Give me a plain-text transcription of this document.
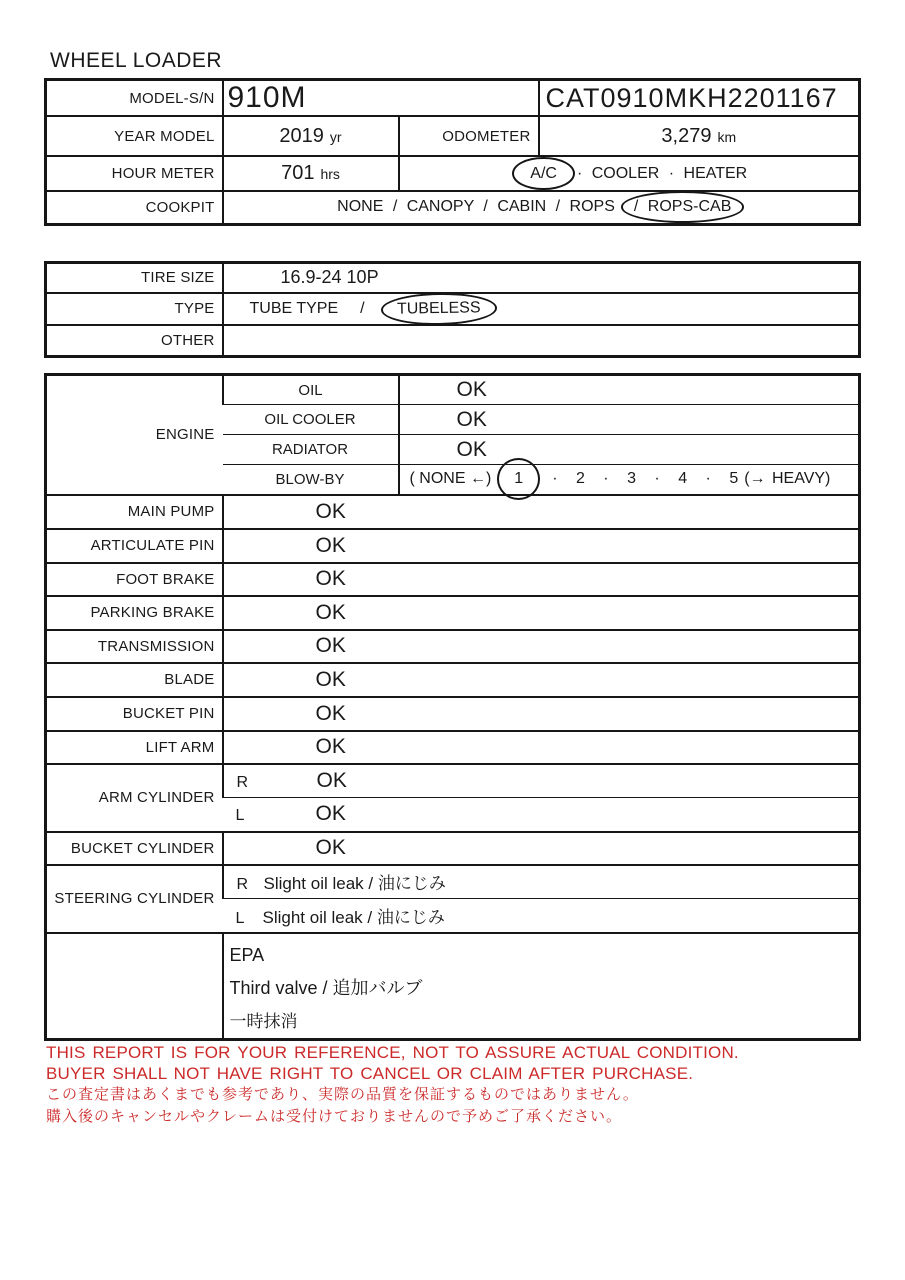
WHEEL LOADER
MODEL-S/N	910M		CAT0910MKH2201167
YEAR MODEL	2019 yr	ODOMETER	3,279 km
HOUR METER	701 hrs	A/C · COOLER · HEATER	
COOKPIT	NONE / CANOPY / CABIN / ROPS / ROPS-CAB		
TIRE SIZE	16.9-24 10P
TYPE	TUBE TYPE / TUBELESS
OTHER	
ENGINE	OIL	OK
	OIL COOLER	OK
	RADIATOR	OK
	BLOW-BY	( NONE ←) 1 · 2 · 3 · 4 · 5 (→ HEAVY)
MAIN PUMP	OK	
ARTICULATE PIN	OK	
FOOT BRAKE	OK	
PARKING BRAKE	OK	
TRANSMISSION	OK	
BLADE	OK	
BUCKET PIN	OK	
LIFT ARM	OK	
ARM CYLINDER	R OK	
	L OK	
BUCKET CYLINDER	OK	
STEERING CYLINDER	R Slight oil leak / 油にじみ	
	L Slight oil leak / 油にじみ	

	EPA
Third valve / 追加バルブ
一時抹消	
THIS REPORT IS FOR YOUR REFERENCE, NOT TO ASSURE ACTUAL CONDITION.
BUYER SHALL NOT HAVE RIGHT TO CANCEL OR CLAIM AFTER PURCHASE.
この査定書はあくまでも参考であり、実際の品質を保証するものではありません。
購入後のキャンセルやクレームは受付けておりませんので予めご了承ください。
